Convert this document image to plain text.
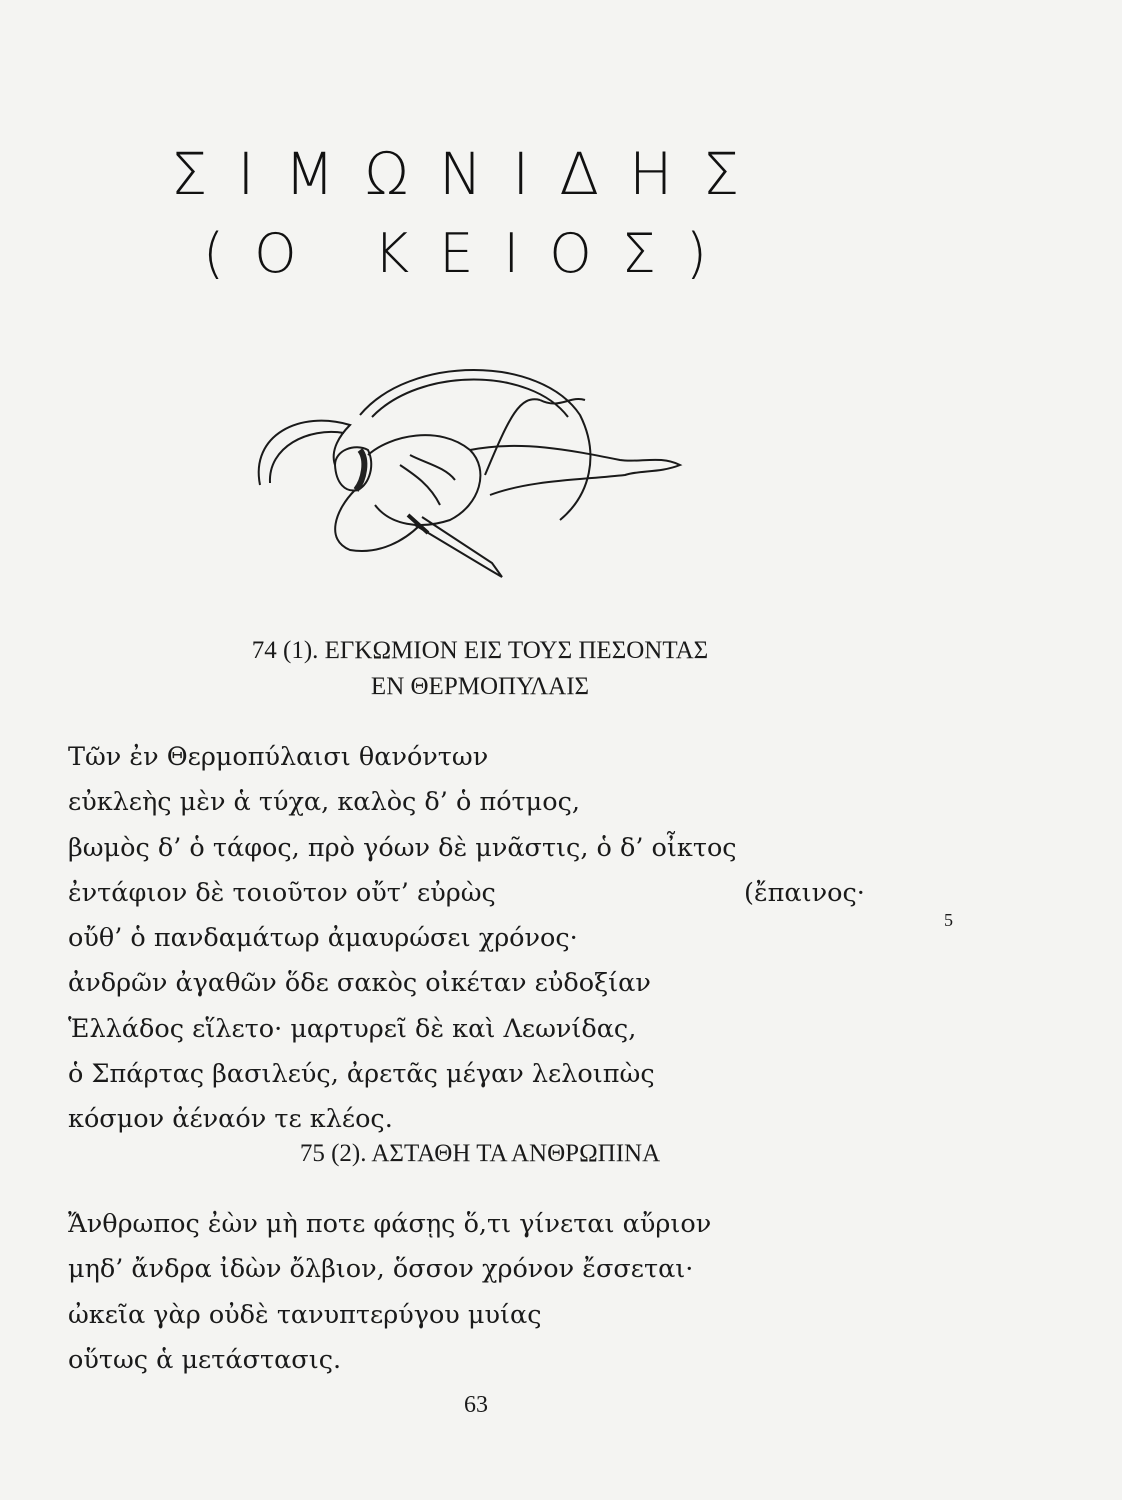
ΣΙΜΩΝΙΔΗΣ
(Ο ΚΕΙΟΣ)
74 (1). ΕΓΚΩΜΙΟΝ ΕΙΣ ΤΟΥΣ ΠΕΣΟΝΤΑΣ
ΕΝ ΘΕΡΜΟΠΥΛΑΙΣ
Τῶν ἐν Θερμοπύλαισι θανόντων
εὐκλεὴς μὲν ἁ τύχα, καλὸς δ’ ὁ πότμος,
βωμὸς δ’ ὁ τάφος, πρὸ γόων δὲ μνᾶστις, ὁ δ’ οἶκτος
ἐντάφιον δὲ τοιοῦτον οὔτ’ εὐρὼς	(ἔπαινος·
οὔθ’ ὁ πανδαμάτωρ ἀμαυρώσει χρόνος·
ἀνδρῶν ἀγαθῶν ὅδε σακὸς οἰκέταν εὐδοξίαν
Ἑλλάδος εἵλετο· μαρτυρεῖ δὲ καὶ Λεωνίδας,
ὁ Σπάρτας βασιλεύς, ἀρετᾶς μέγαν λελοιπὼς
κόσμον ἀέναόν τε κλέος.
5
75 (2). ΑΣΤΑΘΗ ΤΑ ΑΝΘΡΩΠΙΝΑ
Ἄνθρωπος ἐὼν μὴ ποτε φάσῃς ὅ,τι γίνεται αὔριον
μηδ’ ἄνδρα ἰδὼν ὄλβιον, ὅσσον χρόνον ἔσσεται·
ὠκεῖα γὰρ οὐδὲ τανυπτερύγου μυίας
οὕτως ἁ μετάστασις.
63
